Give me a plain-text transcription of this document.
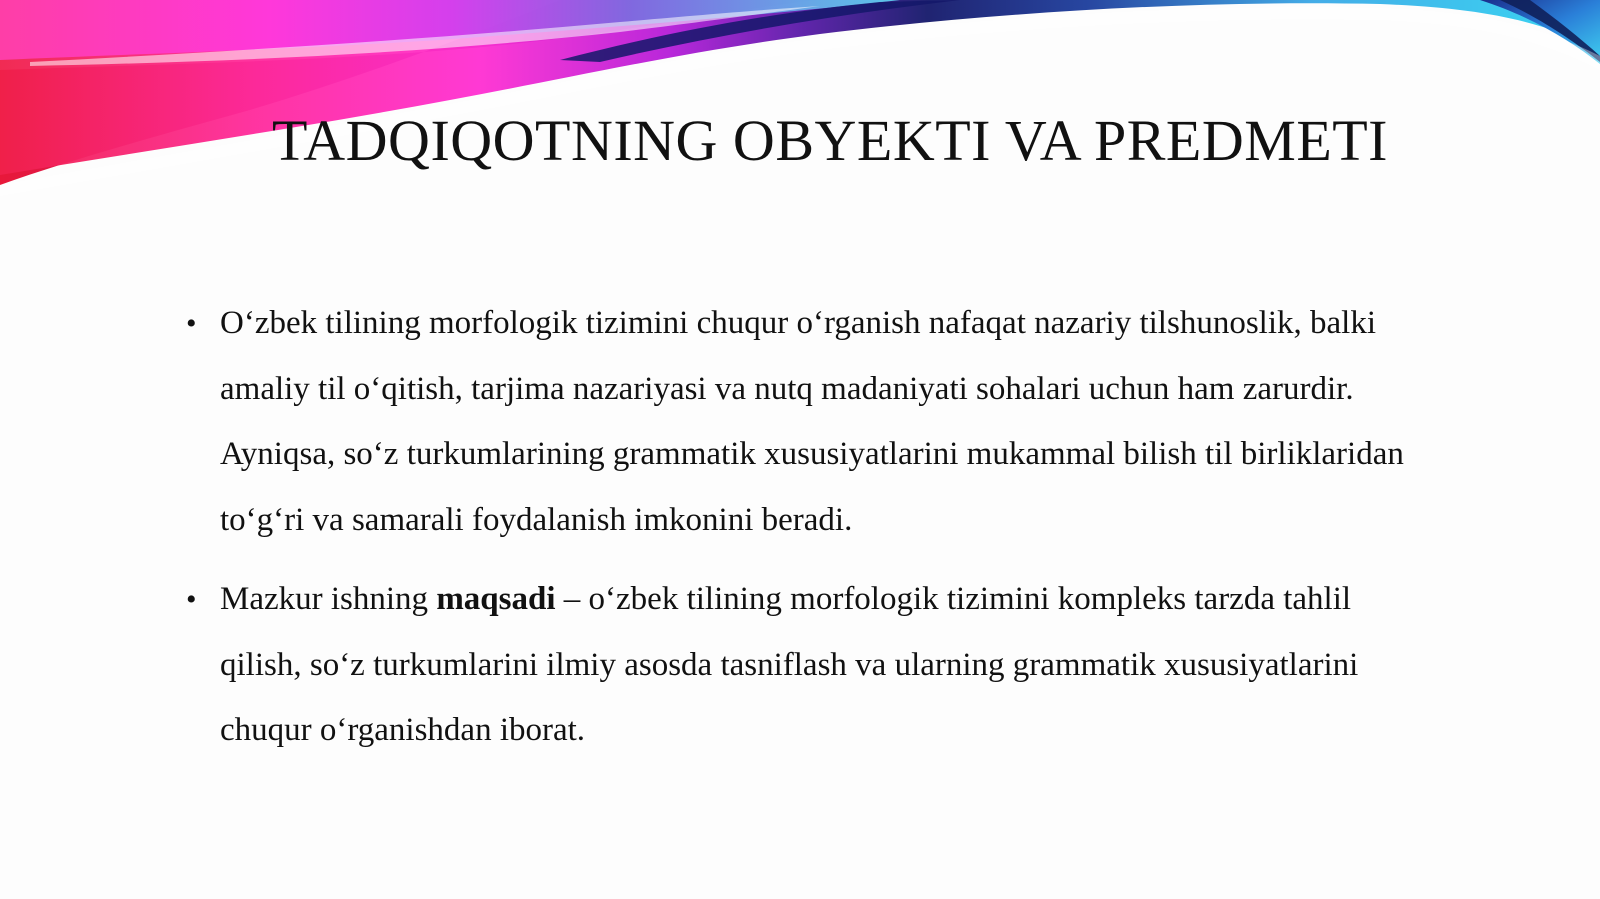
TADQIQOTNING OBYEKTI VA PREDMETI
• O‘zbek tilining morfologik tizimini chuqur o‘rganish nafaqat nazariy tilshunoslik, balki amaliy til o‘qitish, tarjima nazariyasi va nutq madaniyati sohalari uchun ham zarurdir. Ayniqsa, so‘z turkumlarining grammatik xususiyatlarini mukammal bilish til birliklaridan to‘g‘ri va samarali foydalanish imkonini beradi.
• Mazkur ishning maqsadi – o‘zbek tilining morfologik tizimini kompleks tarzda tahlil qilish, so‘z turkumlarini ilmiy asosda tasniflash va ularning grammatik xususiyatlarini chuqur o‘rganishdan iborat.
